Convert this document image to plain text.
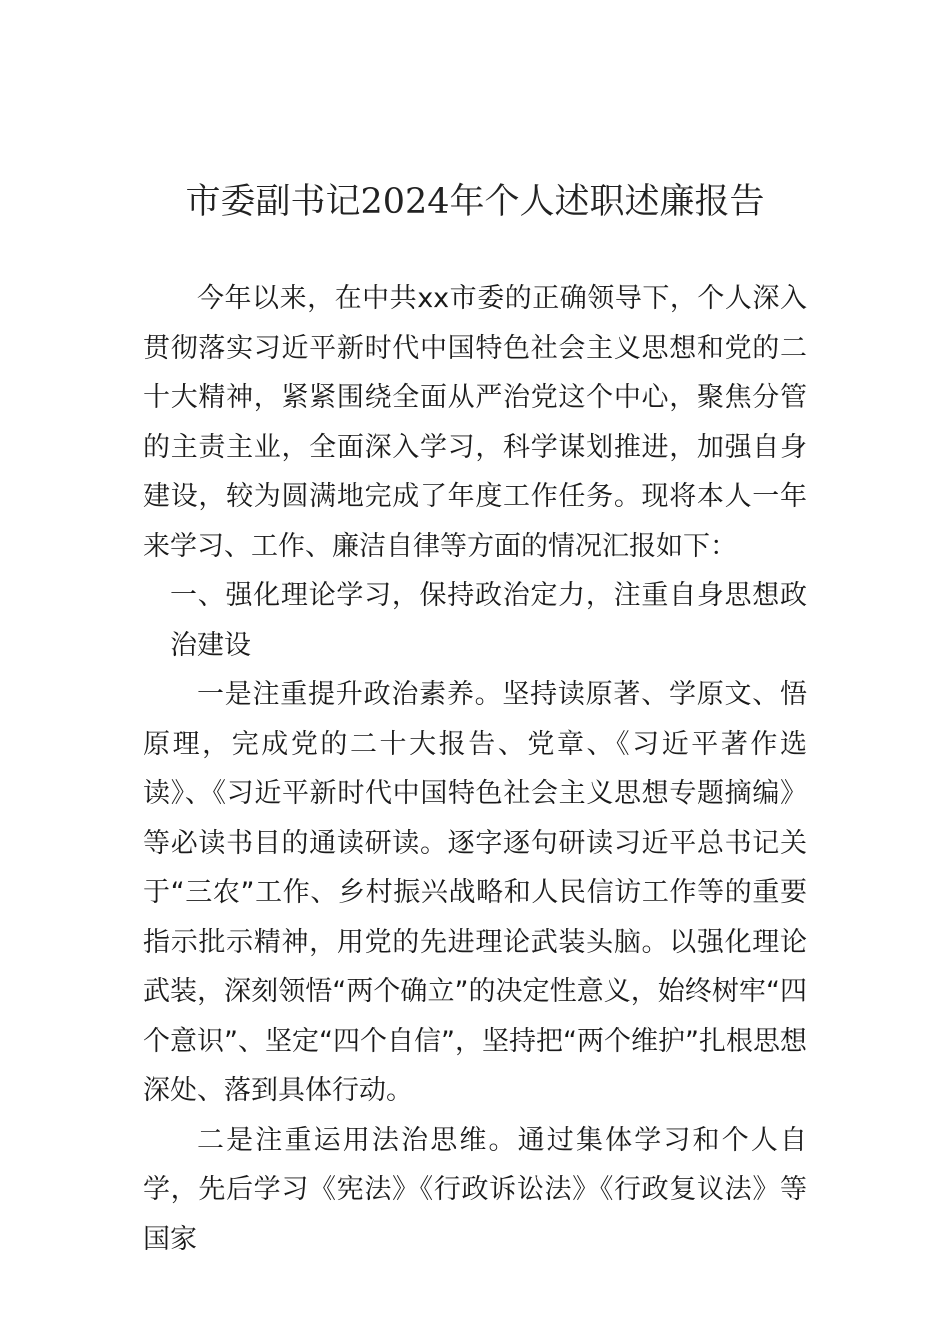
市委副书记2024年个人述职述廉报告

今年以来，在中共xx市委的正确领导下，个人深入贯彻落实习近平新时代中国特色社会主义思想和党的二十大精神，紧紧围绕全面从严治党这个中心，聚焦分管的主责主业，全面深入学习，科学谋划推进，加强自身建设，较为圆满地完成了年度工作任务。现将本人一年来学习、工作、廉洁自律等方面的情况汇报如下：

一、强化理论学习，保持政治定力，注重自身思想政治建设

一是注重提升政治素养。坚持读原著、学原文、悟原理，完成党的二十大报告、党章、《习近平著作选读》、《习近平新时代中国特色社会主义思想专题摘编》等必读书目的通读研读。逐字逐句研读习近平总书记关于“三农”工作、乡村振兴战略和人民信访工作等的重要指示批示精神，用党的先进理论武装头脑。以强化理论武装，深刻领悟“两个确立”的决定性意义，始终树牢“四个意识”、坚定“四个自信”，坚持把“两个维护”扎根思想深处、落到具体行动。

二是注重运用法治思维。通过集体学习和个人自学，先后学习《宪法》《行政诉讼法》《行政复议法》等国家
